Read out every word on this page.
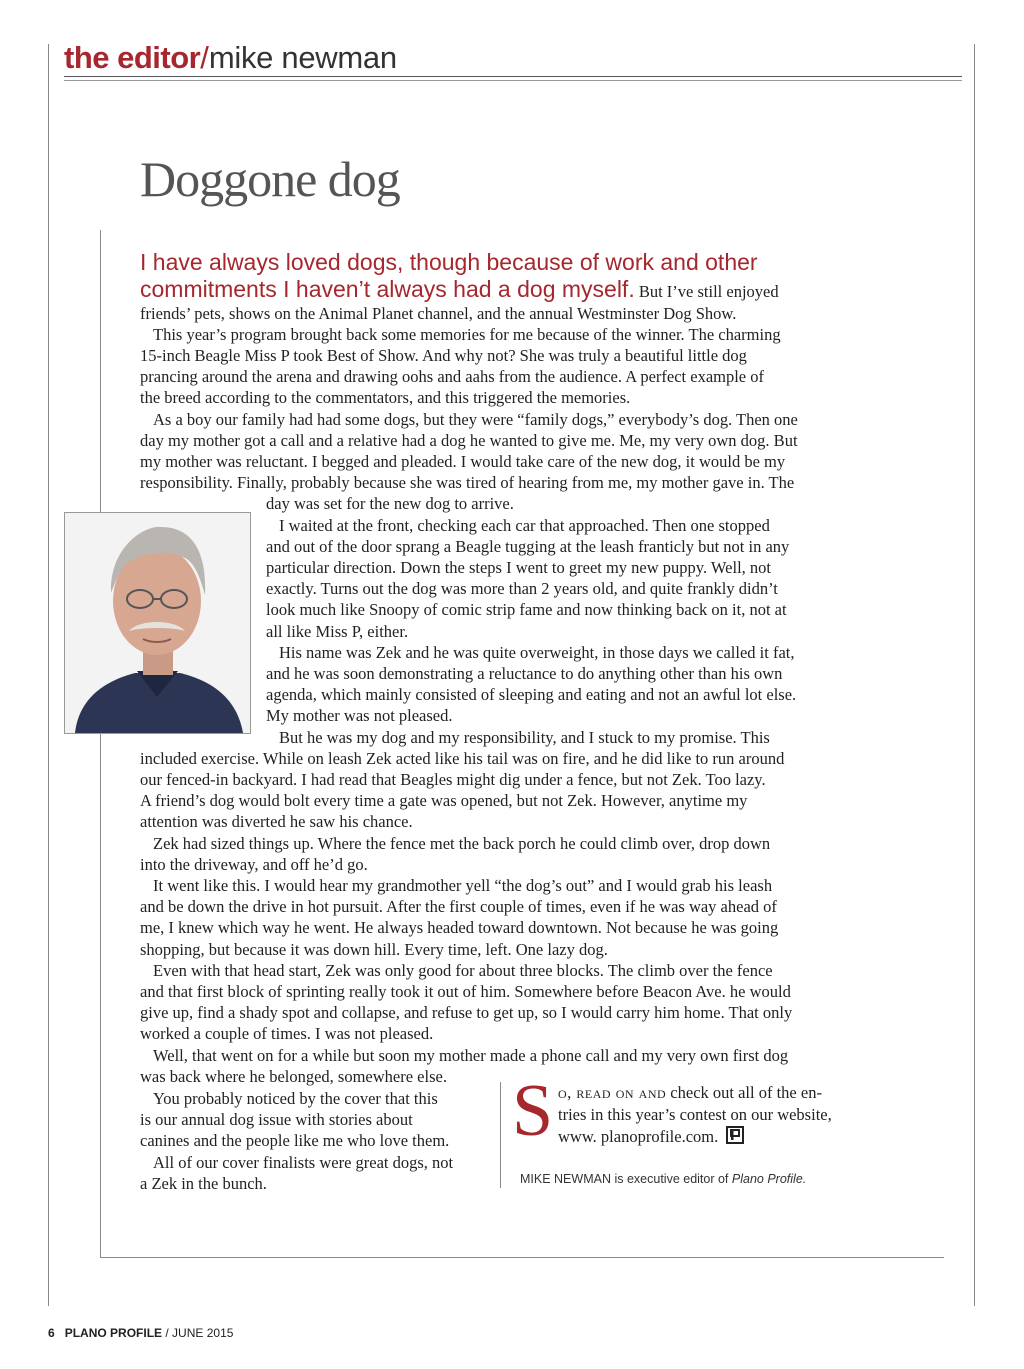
the editor/mike newman
Doggone dog
I have always loved dogs, though because of work and other
commitments I haven’t always had a dog myself. But I’ve still enjoyed
friends’ pets, shows on the Animal Planet channel, and the annual Westminster Dog Show.
This year’s program brought back some memories for me because of the winner. The charming
15-inch Beagle Miss P took Best of Show. And why not? She was truly a beautiful little dog
prancing around the arena and drawing oohs and aahs from the audience. A perfect example of
the breed according to the commentators, and this triggered the memories.
As a boy our family had had some dogs, but they were “family dogs,” everybody’s dog. Then one
day my mother got a call and a relative had a dog he wanted to give me. Me, my very own dog. But
my mother was reluctant. I begged and pleaded. I would take care of the new dog, it would be my
responsibility. Finally, probably because she was tired of hearing from me, my mother gave in. The
day was set for the new dog to arrive.
I waited at the front, checking each car that approached. Then one stopped
and out of the door sprang a Beagle tugging at the leash franticly but not in any
particular direction. Down the steps I went to greet my new puppy. Well, not
exactly. Turns out the dog was more than 2 years old, and quite frankly didn’t
look much like Snoopy of comic strip fame and now thinking back on it, not at
all like Miss P, either.
His name was Zek and he was quite overweight, in those days we called it fat,
and he was soon demonstrating a reluctance to do anything other than his own
agenda, which mainly consisted of sleeping and eating and not an awful lot else.
My mother was not pleased.
But he was my dog and my responsibility, and I stuck to my promise. This
included exercise. While on leash Zek acted like his tail was on fire, and he did like to run around
our fenced-in backyard. I had read that Beagles might dig under a fence, but not Zek. Too lazy.
A friend’s dog would bolt every time a gate was opened, but not Zek. However, anytime my
attention was diverted he saw his chance.
Zek had sized things up. Where the fence met the back porch he could climb over, drop down
into the driveway, and off he’d go.
It went like this. I would hear my grandmother yell “the dog’s out” and I would grab his leash
and be down the drive in hot pursuit. After the first couple of times, even if he was way ahead of
me, I knew which way he went. He always headed toward downtown. Not because he was going
shopping, but because it was down hill. Every time, left. One lazy dog.
Even with that head start, Zek was only good for about three blocks. The climb over the fence
and that first block of sprinting really took it out of him. Somewhere before Beacon Ave. he would
give up, find a shady spot and collapse, and refuse to get up, so I would carry him home. That only
worked a couple of times. I was not pleased.
Well, that went on for a while but soon my mother made a phone call and my very own first dog
was back where he belonged, somewhere else.
You probably noticed by the cover that this
is our annual dog issue with stories about
canines and the people like me who love them.
All of our cover finalists were great dogs, not
a Zek in the bunch.
S o, read on and check out all of the en-
tries in this year’s contest on our website,
www. planoprofile.com.
MIKE NEWMAN is executive editor of Plano Profile.
6 PLANO PROFILE / JUNE 2015
